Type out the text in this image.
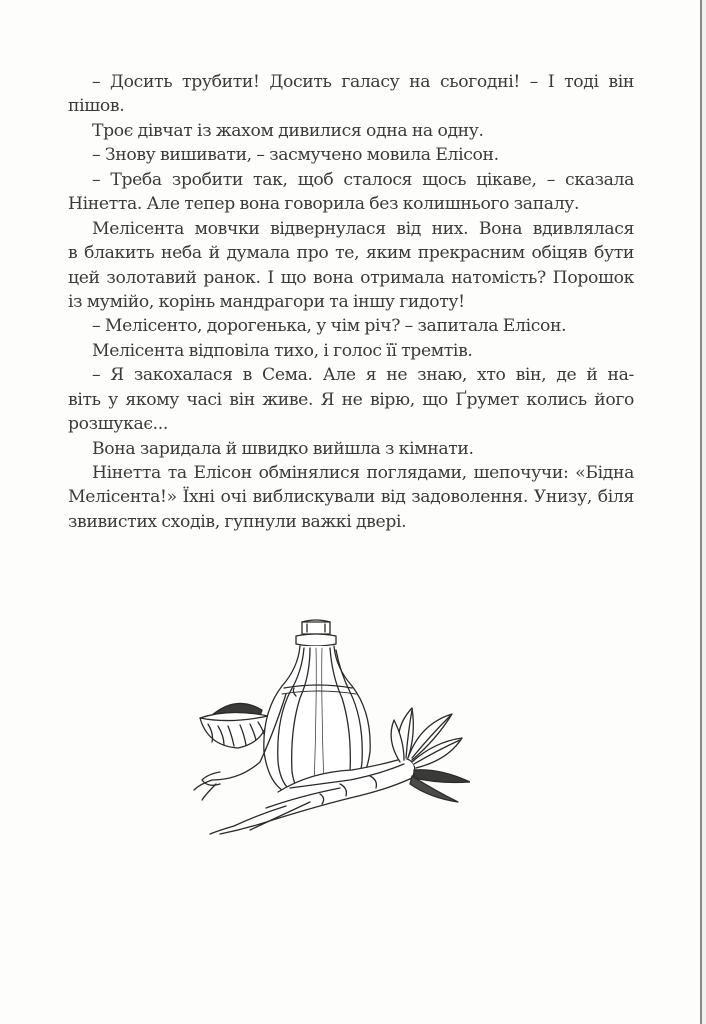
– Досить трубити! Досить галасу на сьогодні! – І тоді він
пішов.

Троє дівчат із жахом дивилися одна на одну.

– Знову вишивати, – засмучено мовила Елісон.

– Треба зробити так, щоб сталося щось цікаве, – сказала
Нінетта. Але тепер вона говорила без колишнього запалу.

Мелісента мовчки відвернулася від них. Вона вдивлялася
в блакить неба й думала про те, яким прекрасним обіцяв бути
цей золотавий ранок. І що вона отримала натомість? Порошок
із мумійо, корінь мандрагори та іншу гидоту!

– Мелісенто, дорогенька, у чім річ? – запитала Елісон.

Мелісента відповіла тихо, і голос її тремтів.

– Я закохалася в Сема. Але я не знаю, хто він, де й на-
віть у якому часі він живе. Я не вірю, що Ґрумет колись його
розшукає...

Вона заридала й швидко вийшла з кімнати.

Нінетта та Елісон обмінялися поглядами, шепочучи: «Бідна
Мелісента!» Їхні очі виблискували від задоволення. Унизу, біля
звивистих сходів, гупнули важкі двері.
